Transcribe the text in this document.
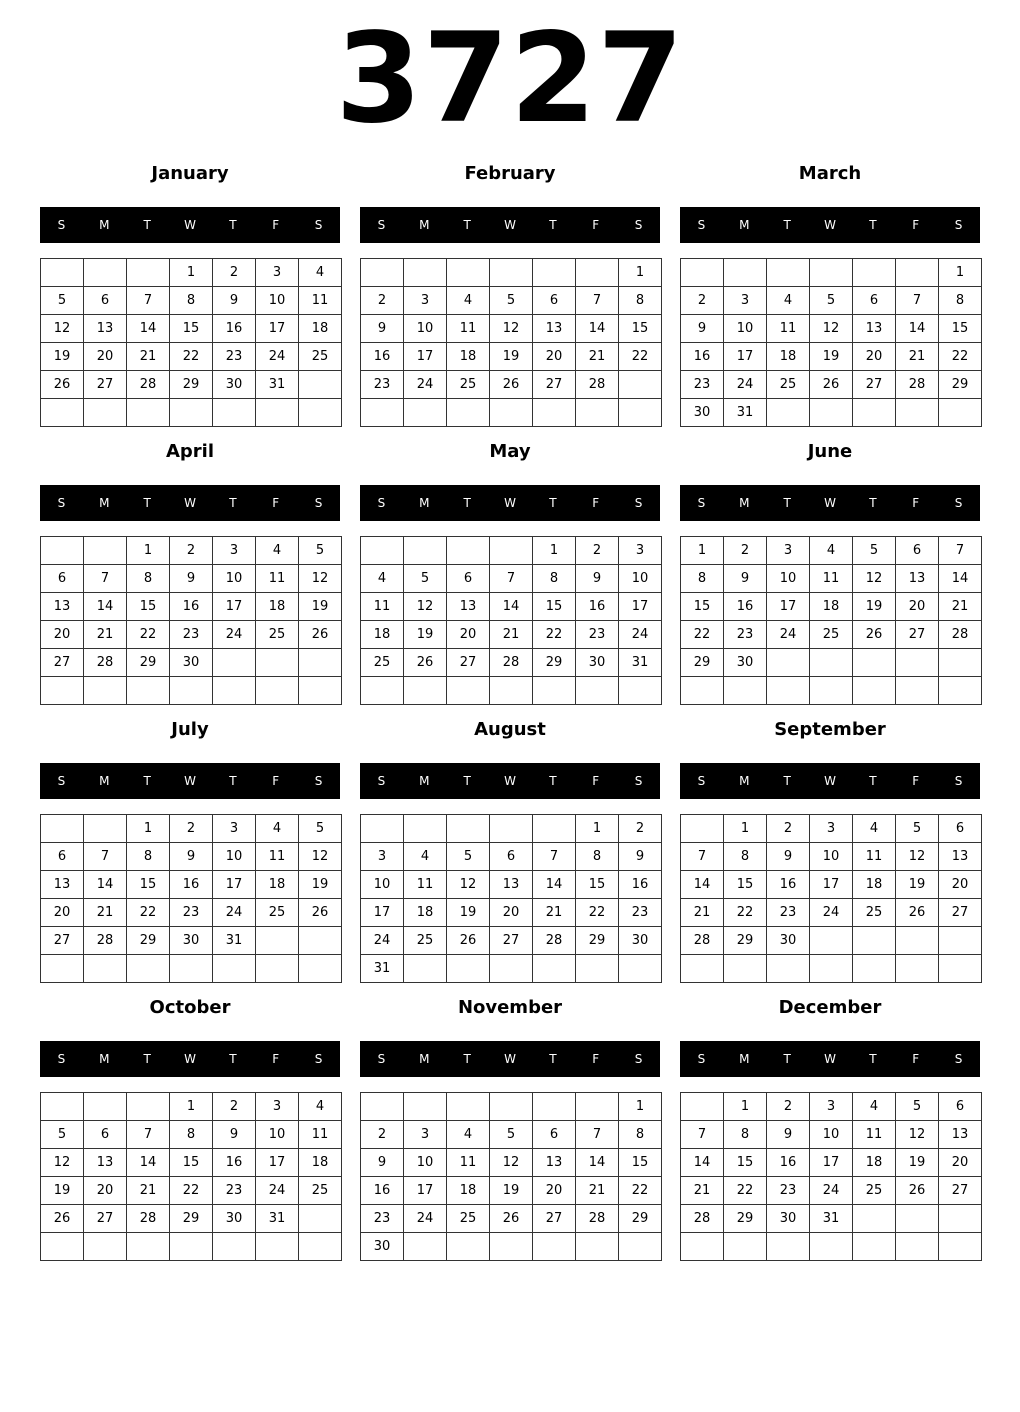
3727
January
S	M	T	W	T	F	S
			1	2	3	4
5	6	7	8	9	10	11
12	13	14	15	16	17	18
19	20	21	22	23	24	25
26	27	28	29	30	31	

February
S	M	T	W	T	F	S
						1
2	3	4	5	6	7	8
9	10	11	12	13	14	15
16	17	18	19	20	21	22
23	24	25	26	27	28	

March
S	M	T	W	T	F	S
						1
2	3	4	5	6	7	8
9	10	11	12	13	14	15
16	17	18	19	20	21	22
23	24	25	26	27	28	29
30	31					
April
S	M	T	W	T	F	S
		1	2	3	4	5
6	7	8	9	10	11	12
13	14	15	16	17	18	19
20	21	22	23	24	25	26
27	28	29	30			

May
S	M	T	W	T	F	S
				1	2	3
4	5	6	7	8	9	10
11	12	13	14	15	16	17
18	19	20	21	22	23	24
25	26	27	28	29	30	31

June
S	M	T	W	T	F	S
1	2	3	4	5	6	7
8	9	10	11	12	13	14
15	16	17	18	19	20	21
22	23	24	25	26	27	28
29	30					

July
S	M	T	W	T	F	S
		1	2	3	4	5
6	7	8	9	10	11	12
13	14	15	16	17	18	19
20	21	22	23	24	25	26
27	28	29	30	31		

August
S	M	T	W	T	F	S
					1	2
3	4	5	6	7	8	9
10	11	12	13	14	15	16
17	18	19	20	21	22	23
24	25	26	27	28	29	30
31						
September
S	M	T	W	T	F	S
	1	2	3	4	5	6
7	8	9	10	11	12	13
14	15	16	17	18	19	20
21	22	23	24	25	26	27
28	29	30				

October
S	M	T	W	T	F	S
			1	2	3	4
5	6	7	8	9	10	11
12	13	14	15	16	17	18
19	20	21	22	23	24	25
26	27	28	29	30	31	

November
S	M	T	W	T	F	S
						1
2	3	4	5	6	7	8
9	10	11	12	13	14	15
16	17	18	19	20	21	22
23	24	25	26	27	28	29
30						
December
S	M	T	W	T	F	S
	1	2	3	4	5	6
7	8	9	10	11	12	13
14	15	16	17	18	19	20
21	22	23	24	25	26	27
28	29	30	31			
